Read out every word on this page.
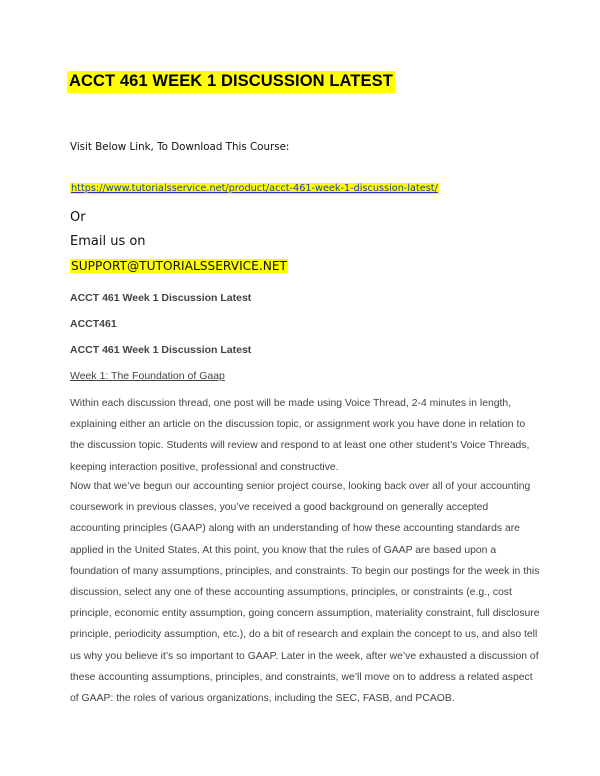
ACCT 461 WEEK 1 DISCUSSION LATEST
Visit Below Link, To Download This Course:
https://www.tutorialsservice.net/product/acct-461-week-1-discussion-latest/
Or
Email us on
SUPPORT@TUTORIALSSERVICE.NET
ACCT 461 Week 1 Discussion Latest
ACCT461
ACCT 461 Week 1 Discussion Latest
Week 1: The Foundation of Gaap

Within each discussion thread, one post will be made using Voice Thread, 2-4 minutes in length, explaining either an article on the discussion topic, or assignment work you have done in relation to the discussion topic. Students will review and respond to at least one other student’s Voice Threads, keeping interaction positive, professional and constructive.

Now that we’ve begun our accounting senior project course, looking back over all of your accounting coursework in previous classes, you’ve received a good background on generally accepted accounting principles (GAAP) along with an understanding of how these accounting standards are applied in the United States. At this point, you know that the rules of GAAP are based upon a foundation of many assumptions, principles, and constraints. To begin our postings for the week in this discussion, select any one of these accounting assumptions, principles, or constraints (e.g., cost principle, economic entity assumption, going concern assumption, materiality constraint, full disclosure principle, periodicity assumption, etc.), do a bit of research and explain the concept to us, and also tell us why you believe it’s so important to GAAP. Later in the week, after we’ve exhausted a discussion of these accounting assumptions, principles, and constraints, we’ll move on to address a related aspect of GAAP: the roles of various organizations, including the SEC, FASB, and PCAOB.
